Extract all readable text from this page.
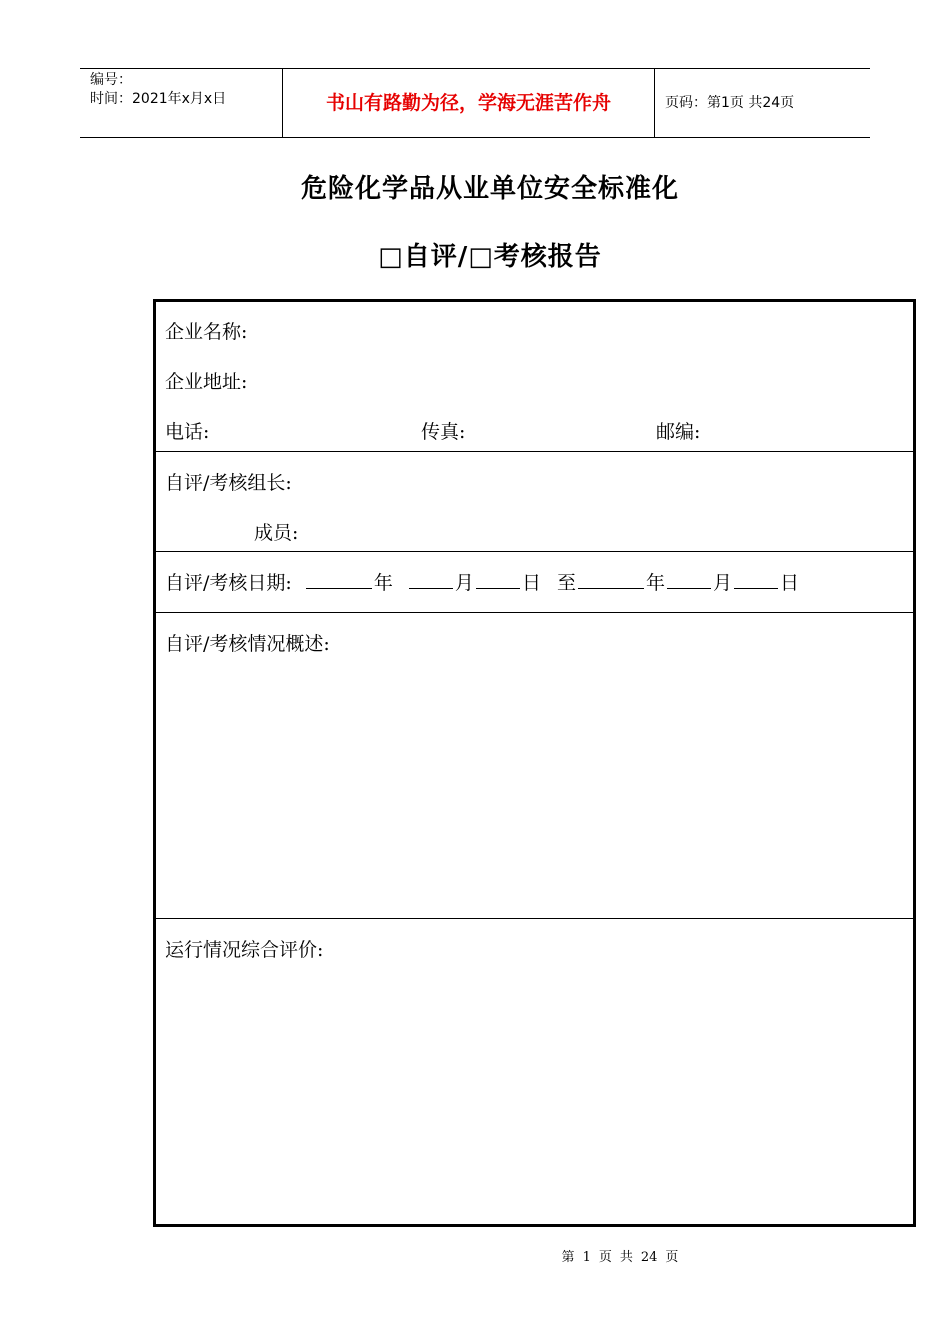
编号：
时间：2021年x月x日	书山有路勤为径，学海无涯苦作舟	页码：第1页 共24页
危险化学品从业单位安全标准化
□自评/□考核报告
企业名称:
企业地址:
电话:	传真:	邮编:
自评/考核组长:
成员:
自评/考核日期:	年	月	日 至	年	月	日
自评/考核情况概述:
运行情况综合评价:
第 1 页 共 24 页
